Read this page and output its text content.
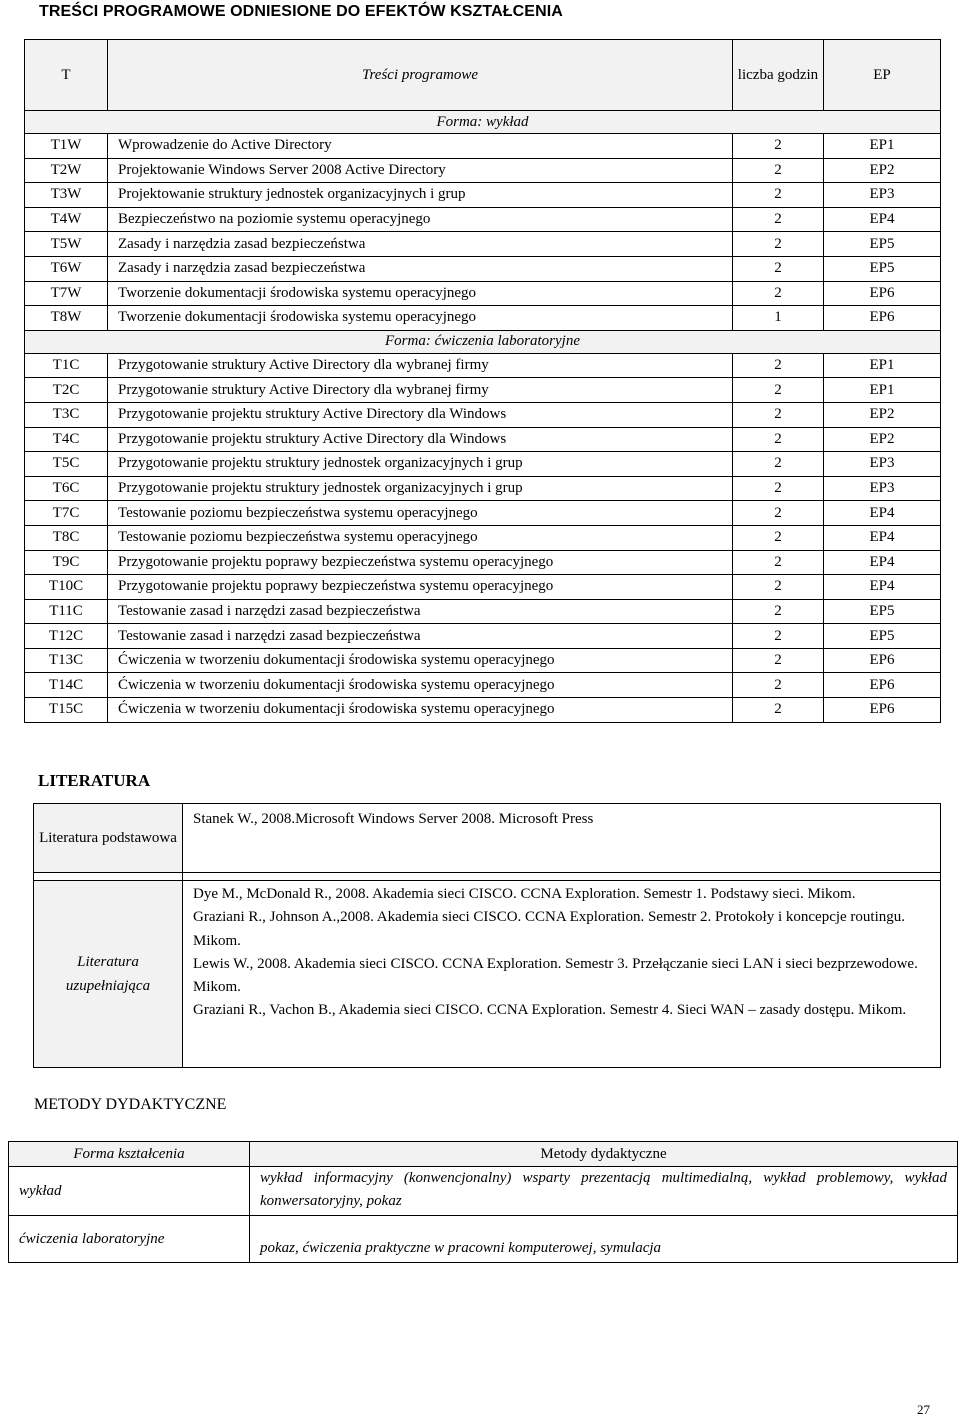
TREŚCI PROGRAMOWE ODNIESIONE DO EFEKTÓW KSZTAŁCENIA
T	Treści programowe	liczba godzin	EP
Forma: wykład			
T1W	Wprowadzenie do Active Directory	2	EP1
T2W	Projektowanie Windows Server 2008 Active Directory	2	EP2
T3W	Projektowanie struktury jednostek organizacyjnych i grup	2	EP3
T4W	Bezpieczeństwo na poziomie systemu operacyjnego	2	EP4
T5W	Zasady i narzędzia zasad bezpieczeństwa	2	EP5
T6W	Zasady i narzędzia zasad bezpieczeństwa	2	EP5
T7W	Tworzenie dokumentacji środowiska systemu operacyjnego	2	EP6
T8W	Tworzenie dokumentacji środowiska systemu operacyjnego	1	EP6
Forma: ćwiczenia laboratoryjne			
T1C	Przygotowanie struktury Active Directory dla wybranej firmy	2	EP1
T2C	Przygotowanie struktury Active Directory dla wybranej firmy	2	EP1
T3C	Przygotowanie projektu struktury Active Directory dla Windows	2	EP2
T4C	Przygotowanie projektu struktury Active Directory dla Windows	2	EP2
T5C	Przygotowanie projektu struktury jednostek organizacyjnych i grup	2	EP3
T6C	Przygotowanie projektu struktury jednostek organizacyjnych i grup	2	EP3
T7C	Testowanie poziomu bezpieczeństwa systemu operacyjnego	2	EP4
T8C	Testowanie poziomu bezpieczeństwa systemu operacyjnego	2	EP4
T9C	Przygotowanie projektu poprawy bezpieczeństwa systemu operacyjnego	2	EP4
T10C	Przygotowanie projektu poprawy bezpieczeństwa systemu operacyjnego	2	EP4
T11C	Testowanie zasad i narzędzi zasad bezpieczeństwa	2	EP5
T12C	Testowanie zasad i narzędzi zasad bezpieczeństwa	2	EP5
T13C	Ćwiczenia w tworzeniu dokumentacji środowiska systemu operacyjnego	2	EP6
T14C	Ćwiczenia w tworzeniu dokumentacji środowiska systemu operacyjnego	2	EP6
T15C	Ćwiczenia w tworzeniu dokumentacji środowiska systemu operacyjnego	2	EP6
LITERATURA
Literatura podstawowa	Stanek W., 2008.Microsoft Windows Server 2008. Microsoft Press

Literatura uzupełniająca	Dye M., McDonald R., 2008. Akademia sieci CISCO. CCNA Exploration. Semestr 1. Podstawy sieci. Mikom.
Graziani R., Johnson A.,2008. Akademia sieci CISCO. CCNA Exploration. Semestr 2. Protokoły i koncepcje routingu. Mikom.
Lewis W., 2008. Akademia sieci CISCO. CCNA Exploration. Semestr 3. Przełączanie sieci LAN i sieci bezprzewodowe. Mikom.
Graziani R., Vachon B., Akademia sieci CISCO. CCNA Exploration. Semestr 4. Sieci WAN – zasady dostępu. Mikom.
METODY DYDAKTYCZNE
Forma kształcenia	Metody dydaktyczne
wykład	wykład informacyjny (konwencjonalny) wsparty prezentacją multimedialną, wykład problemowy, wykład konwersatoryjny, pokaz
ćwiczenia laboratoryjne	pokaz, ćwiczenia praktyczne w pracowni komputerowej, symulacja
27
